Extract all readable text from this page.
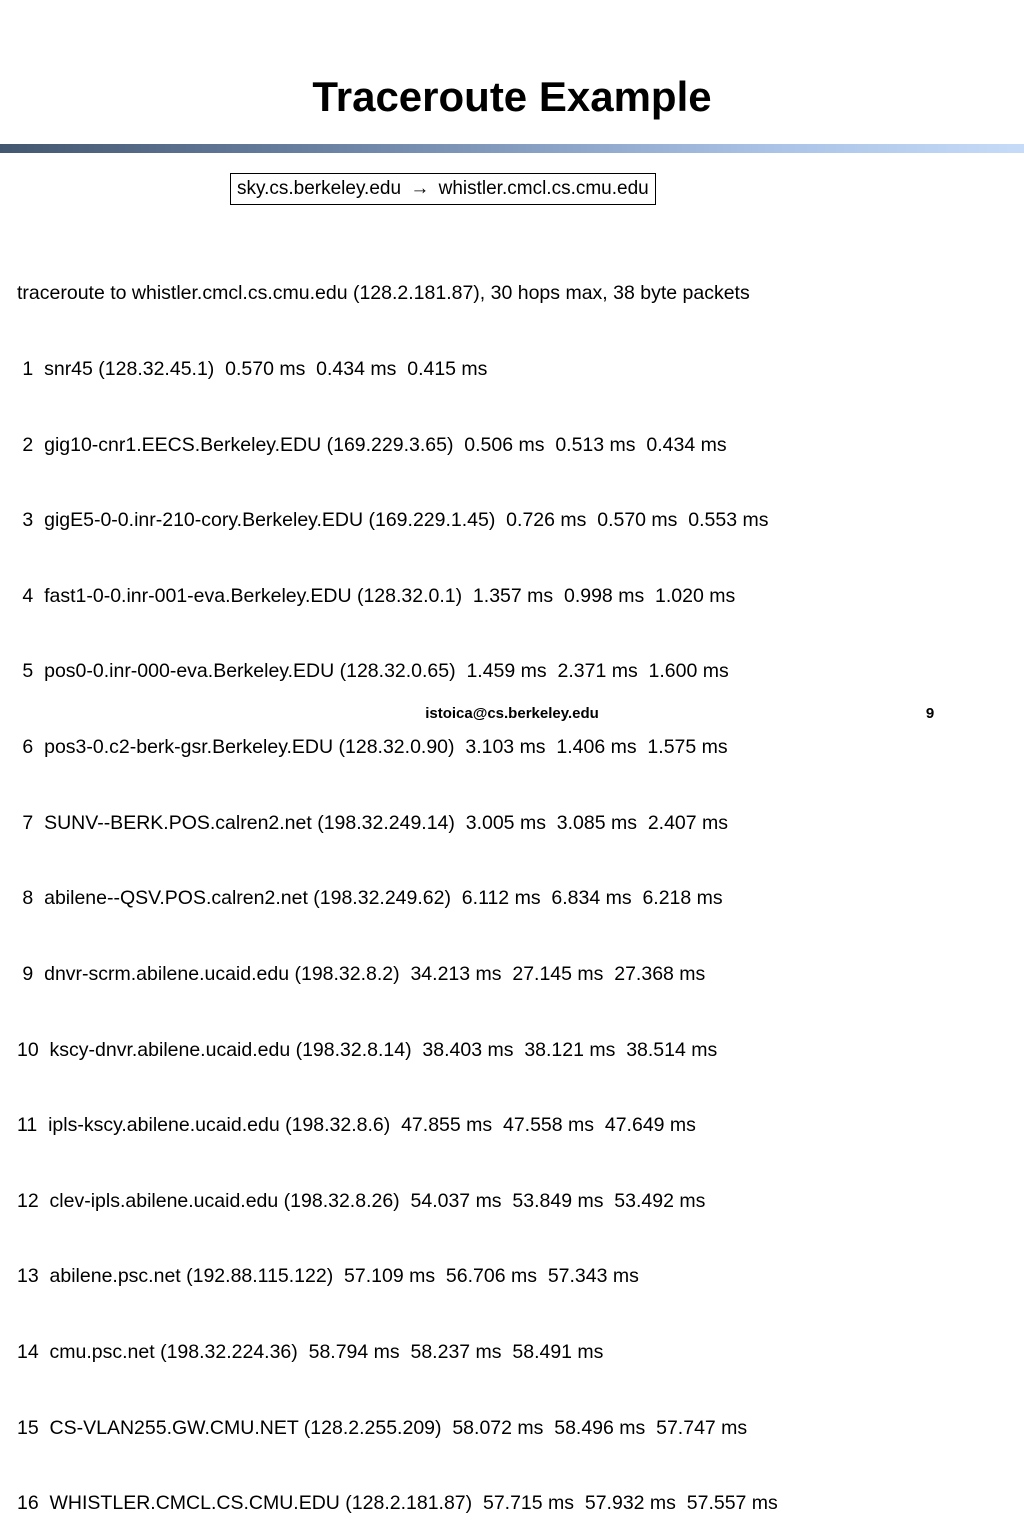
Traceroute Example
sky.cs.berkeley.edu → whistler.cmcl.cs.cmu.edu

traceroute to whistler.cmcl.cs.cmu.edu (128.2.181.87), 30 hops max, 38 byte packets

1  snr45 (128.32.45.1)  0.570 ms  0.434 ms  0.415 ms

2  gig10-cnr1.EECS.Berkeley.EDU (169.229.3.65)  0.506 ms  0.513 ms  0.434 ms

3  gigE5-0-0.inr-210-cory.Berkeley.EDU (169.229.1.45)  0.726 ms  0.570 ms  0.553 ms

4  fast1-0-0.inr-001-eva.Berkeley.EDU (128.32.0.1)  1.357 ms  0.998 ms  1.020 ms

5  pos0-0.inr-000-eva.Berkeley.EDU (128.32.0.65)  1.459 ms  2.371 ms  1.600 ms

6  pos3-0.c2-berk-gsr.Berkeley.EDU (128.32.0.90)  3.103 ms  1.406 ms  1.575 ms

7  SUNV--BERK.POS.calren2.net (198.32.249.14)  3.005 ms  3.085 ms  2.407 ms

8  abilene--QSV.POS.calren2.net (198.32.249.62)  6.112 ms  6.834 ms  6.218 ms

9  dnvr-scrm.abilene.ucaid.edu (198.32.8.2)  34.213 ms  27.145 ms  27.368 ms

10  kscy-dnvr.abilene.ucaid.edu (198.32.8.14)  38.403 ms  38.121 ms  38.514 ms

11  ipls-kscy.abilene.ucaid.edu (198.32.8.6)  47.855 ms  47.558 ms  47.649 ms

12  clev-ipls.abilene.ucaid.edu (198.32.8.26)  54.037 ms  53.849 ms  53.492 ms

13  abilene.psc.net (192.88.115.122)  57.109 ms  56.706 ms  57.343 ms

14  cmu.psc.net (198.32.224.36)  58.794 ms  58.237 ms  58.491 ms

15  CS-VLAN255.GW.CMU.NET (128.2.255.209)  58.072 ms  58.496 ms  57.747 ms

16  WHISTLER.CMCL.CS.CMU.EDU (128.2.181.87)  57.715 ms  57.932 ms  57.557 ms

istoica@cs.berkeley.edu	9
